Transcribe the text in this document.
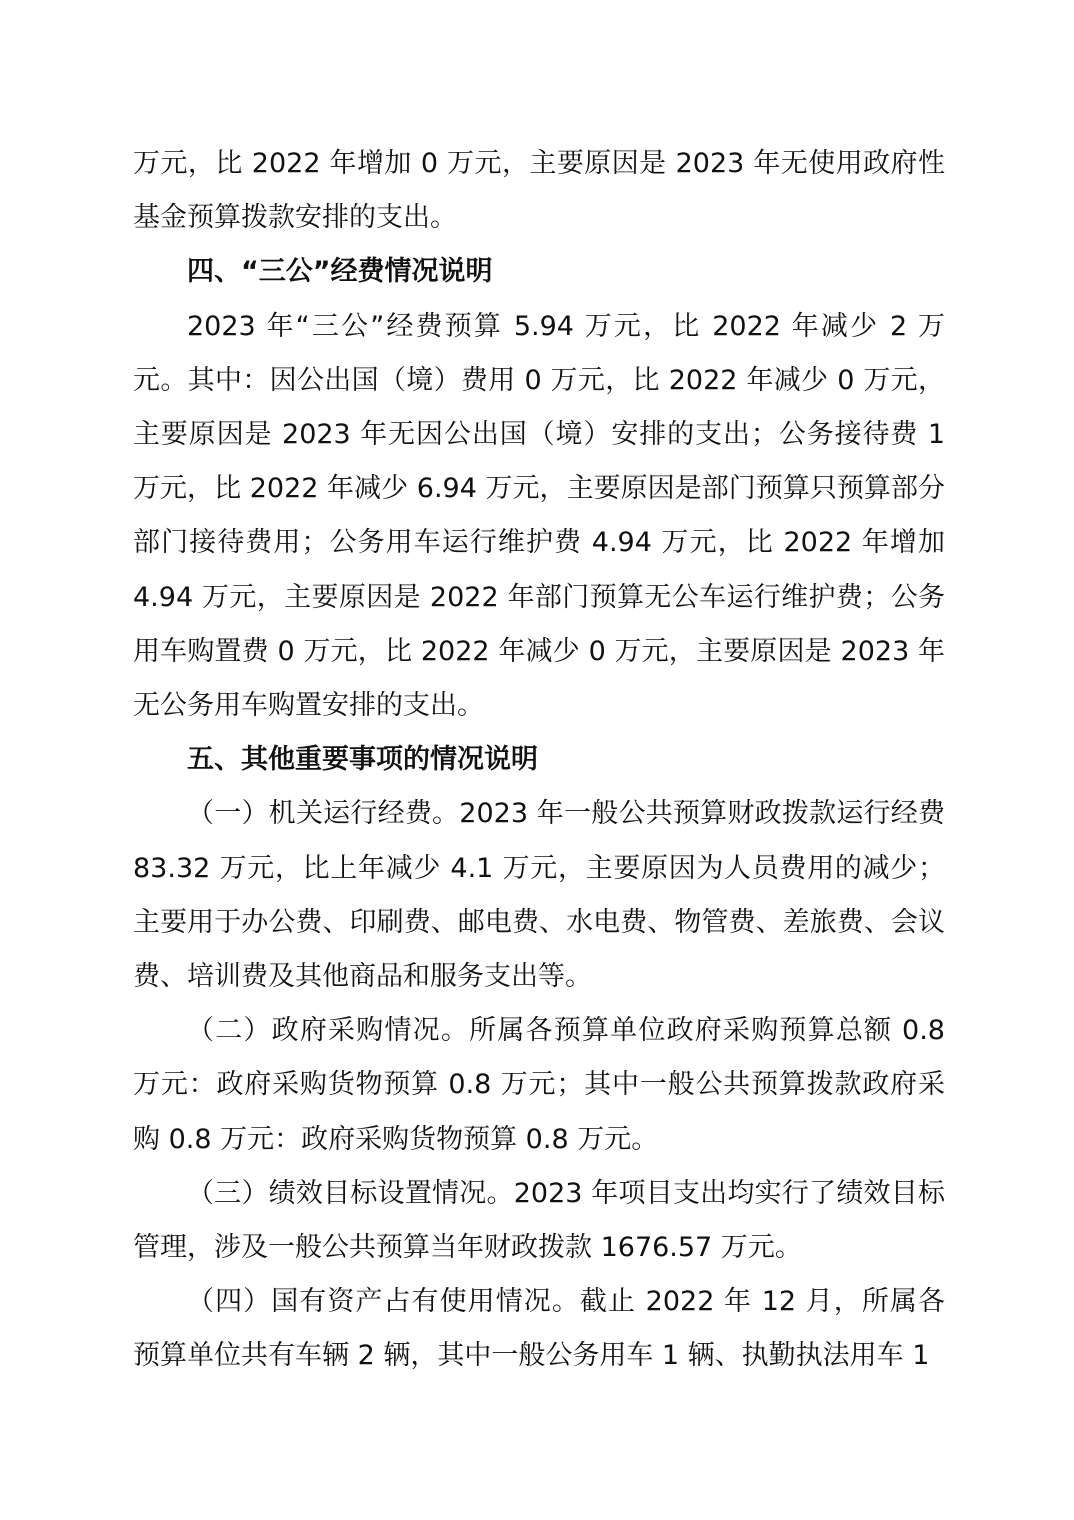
万元，比 2022 年增加 0 万元，主要原因是 2023 年无使用政府性基金预算拨款安排的支出。

四、“三公”经费情况说明

2023 年“三公”经费预算 5.94 万元，比 2022 年减少 2 万元。其中：因公出国（境）费用 0 万元，比 2022 年减少 0 万元，主要原因是 2023 年无因公出国（境）安排的支出；公务接待费 1 万元，比 2022 年减少 6.94 万元，主要原因是部门预算只预算部分部门接待费用；公务用车运行维护费 4.94 万元，比 2022 年增加 4.94 万元，主要原因是 2022 年部门预算无公车运行维护费；公务用车购置费 0 万元，比 2022 年减少 0 万元，主要原因是 2023 年无公务用车购置安排的支出。

五、其他重要事项的情况说明

（一）机关运行经费。2023 年一般公共预算财政拨款运行经费 83.32 万元，比上年减少 4.1 万元，主要原因为人员费用的减少；主要用于办公费、印刷费、邮电费、水电费、物管费、差旅费、会议费、培训费及其他商品和服务支出等。

（二）政府采购情况。所属各预算单位政府采购预算总额 0.8 万元：政府采购货物预算 0.8 万元；其中一般公共预算拨款政府采购 0.8 万元：政府采购货物预算 0.8 万元。

（三）绩效目标设置情况。2023 年项目支出均实行了绩效目标管理，涉及一般公共预算当年财政拨款 1676.57 万元。

（四）国有资产占有使用情况。截止 2022 年 12 月，所属各预算单位共有车辆 2 辆，其中一般公务用车 1 辆、执勤执法用车 1
